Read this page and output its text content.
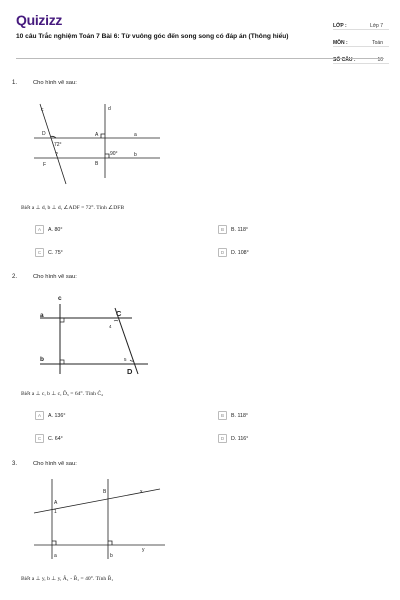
Quizizz
10 câu Trắc nghiệm Toán 7 Bài 6: Từ vuông góc đến song song có đáp án (Thông hiểu)
LỚP :	Lớp 7
MÔN :	Toán
SỐ CÂU :	10
1.	Cho hình vẽ sau:
c	d
a
b
A
B
D
F
72°
?	90°
Biết a ⊥ d, b ⊥ d, ∠ADF = 72°. Tính ∠DFB
A	A. 80°	B	B. 118°
C	C. 75°	D	D. 108°
2.	Cho hình vẽ sau:
c
a
b
C
D
4
5
Biết a ⊥ c, b ⊥ c, D̂₅ = 64°. Tính Ĉ₄
A	A. 136°	B	B. 118°
C	C. 64°	D	D. 116°
3.	Cho hình vẽ sau:
A
1
B	x
y
a	b
Biết a ⊥ y, b ⊥ y, Â₁ - B̂₁ = 40°. Tính B̂₁
